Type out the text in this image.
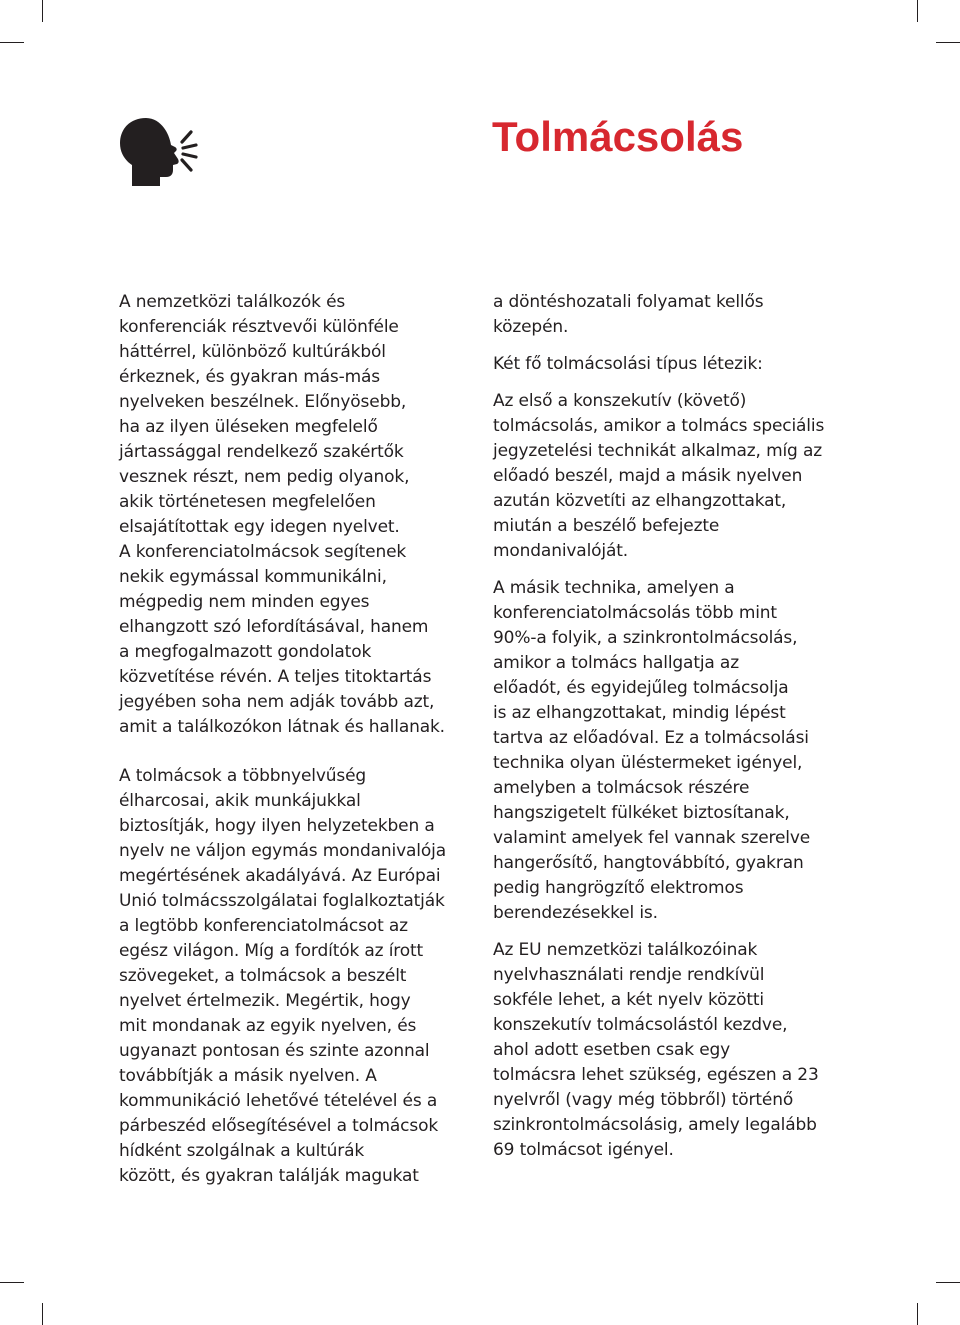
Tolmácsolás
A nemzetközi találkozók és
konferenciák résztvevői különféle
háttérrel, különböző kultúrákból
érkeznek, és gyakran más-más
nyelveken beszélnek. Előnyösebb,
ha az ilyen üléseken megfelelő
jártassággal rendelkező szakértők
vesznek részt, nem pedig olyanok,
akik történetesen megfelelően
elsajátítottak egy idegen nyelvet.
A konferenciatolmácsok segítenek
nekik egymással kommunikálni,
mégpedig nem minden egyes
elhangzott szó lefordításával, hanem
a megfogalmazott gondolatok
közvetítése révén. A teljes titoktartás
jegyében soha nem adják tovább azt,
amit a találkozókon látnak és hallanak.
A tolmácsok a többnyelvűség
élharcosai, akik munkájukkal
biztosítják, hogy ilyen helyzetekben a
nyelv ne váljon egymás mondanivalója
megértésének akadályává. Az Európai
Unió tolmácsszolgálatai foglalkoztatják
a legtöbb konferenciatolmácsot az
egész világon. Míg a fordítók az írott
szövegeket, a tolmácsok a beszélt
nyelvet értelmezik. Megértik, hogy
mit mondanak az egyik nyelven, és
ugyanazt pontosan és szinte azonnal
továbbítják a másik nyelven. A
kommunikáció lehetővé tételével és a
párbeszéd elősegítésével a tolmácsok
hídként szolgálnak a kultúrák
között, és gyakran találják magukat
a döntéshozatali folyamat kellős
közepén.
Két fő tolmácsolási típus létezik:
Az első a konszekutív (követő)
tolmácsolás, amikor a tolmács speciális
jegyzetelési technikát alkalmaz, míg az
előadó beszél, majd a másik nyelven
azután közvetíti az elhangzottakat,
miután a beszélő befejezte
mondanivalóját.
A másik technika, amelyen a
konferenciatolmácsolás több mint
90%-a folyik, a szinkrontolmácsolás,
amikor a tolmács hallgatja az
előadót, és egyidejűleg tolmácsolja
is az elhangzottakat, mindig lépést
tartva az előadóval. Ez a tolmácsolási
technika olyan üléstermeket igényel,
amelyben a tolmácsok részére
hangszigetelt fülkéket biztosítanak,
valamint amelyek fel vannak szerelve
hangerősítő, hangtovábbító, gyakran
pedig hangrögzítő elektromos
berendezésekkel is.
Az EU nemzetközi találkozóinak
nyelvhasználati rendje rendkívül
sokféle lehet, a két nyelv közötti
konszekutív tolmácsolástól kezdve,
ahol adott esetben csak egy
tolmácsra lehet szükség, egészen a 23
nyelvről (vagy még többről) történő
szinkrontolmácsolásig, amely legalább
69 tolmácsot igényel.
